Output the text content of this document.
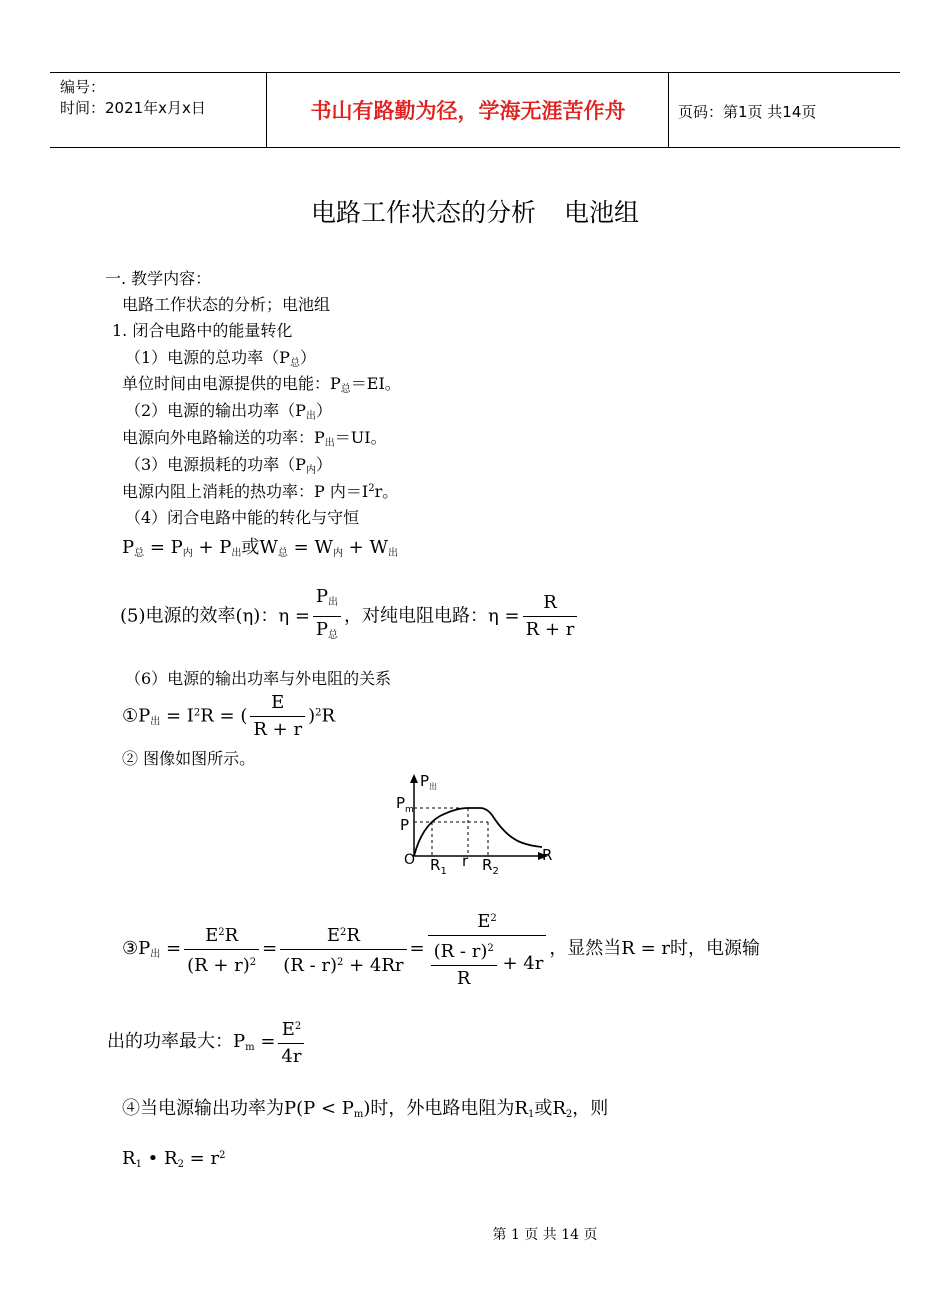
编号：
时间：2021年x月x日	书山有路勤为径，学海无涯苦作舟	页码：第1页 共14页
电路工作状态的分析 电池组
一. 教学内容：
电路工作状态的分析；电池组
1. 闭合电路中的能量转化
（1）电源的总功率$(P_总)$
单位时间由电源提供的电能：$P_总=EI$。
（2）电源的输出功率$(P_出)$
电源向外电路输送的功率：$P_出=UI$。
（3）电源损耗的功率$(P_内)$
电源内阻上消耗的热功率：P 内$=I^2r$。
（4）闭合电路中能的转化与守恒
$P_总 = P_内 + P_出$或$W_总 = W_内 + W_出$
(5)电源的效率(η)：$\eta = \frac{P_出}{P_总}$ ，对纯电阻电路：$\eta = \frac{R}{R + r}$
（6）电源的输出功率与外电阻的关系
$①P_出 = I^2R$ = ( $\frac{E}{R + r} )^2R$
② 图像如图所示。
$P_出$
$P_m$
P
O $R_1$
r $R_2$
R
$③P_出 = \frac{E^2R}{(R + r)^2} = \frac{E^2R}{(R - r)^2 + 4Rr} = \frac{E^2}{\frac{(R - r)^2}{R} + 4r}$ ，显然当R = r时，电源输
出的功率最大：$P_m = \frac{E^2}{4r}$
④当电源输出功率为$P(P < P_m)$时，外电路电阻为$R_1$或$R_2$，则
$R_1$ • $R_2 = r^2$
第 1 页 共 14 页
